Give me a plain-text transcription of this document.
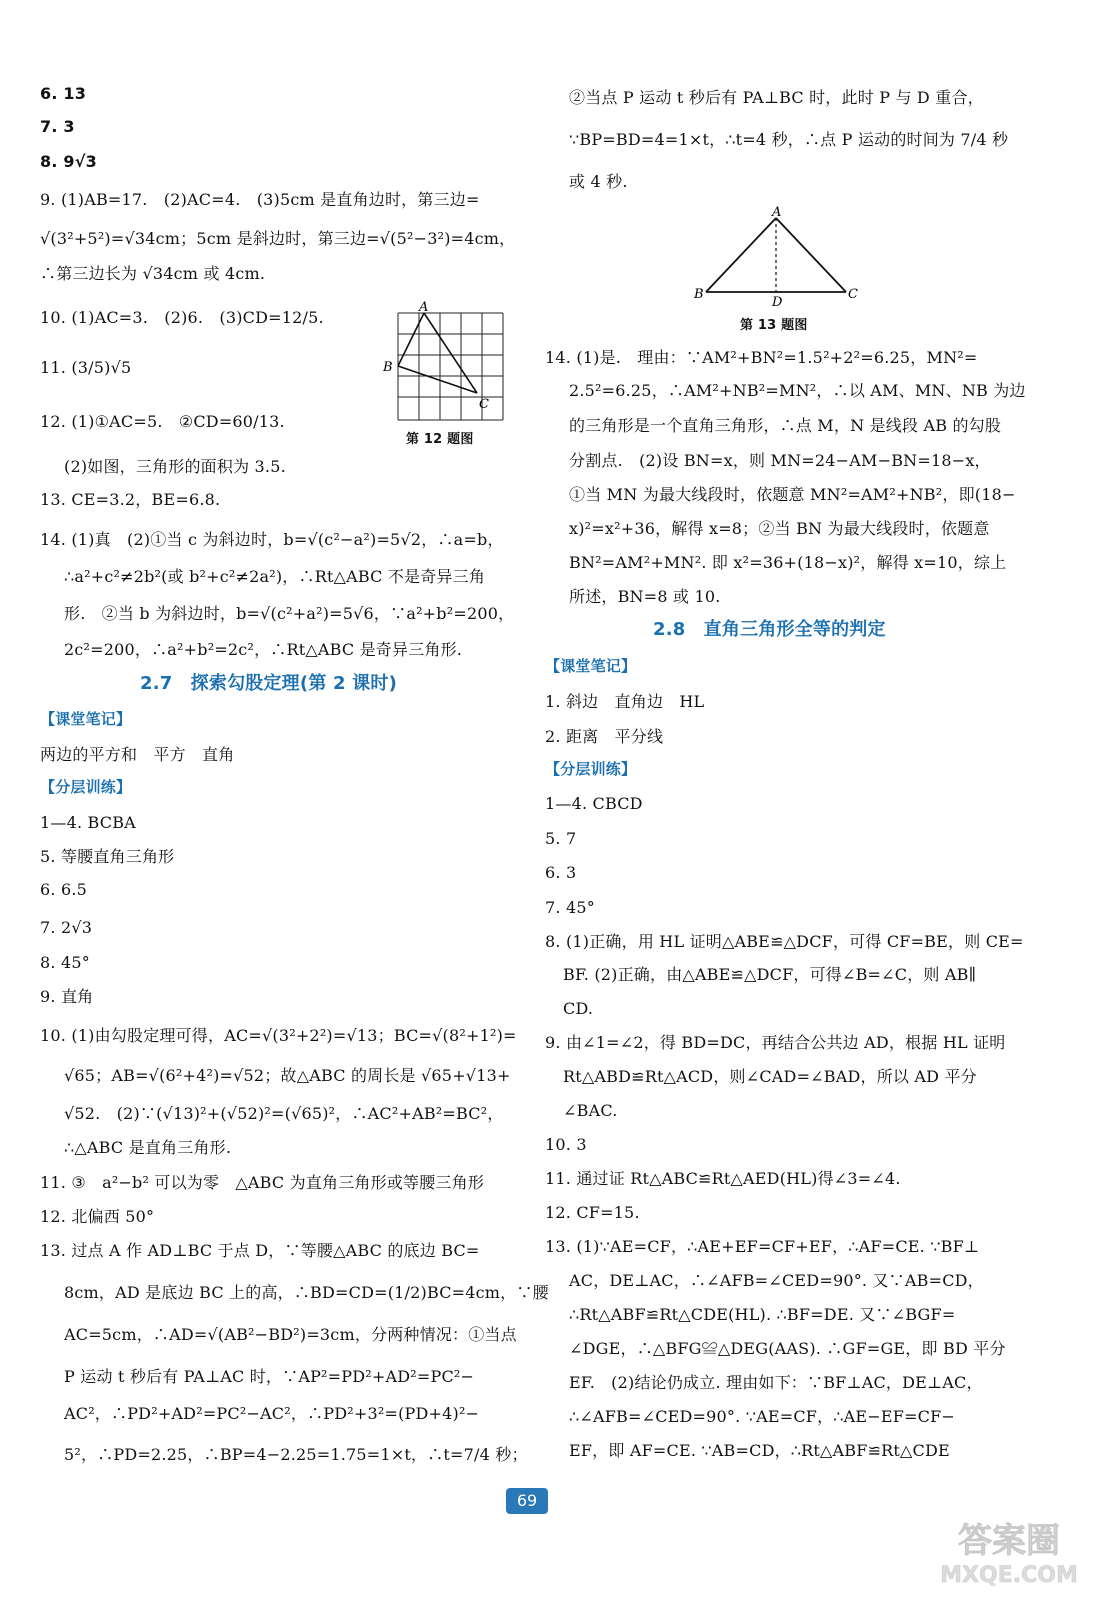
6. 13
7. 3
8. 9√3
9. (1)AB=17.　(2)AC=4.　(3)5cm 是直角边时，第三边=
√(3²+5²)=√34cm；5cm 是斜边时，第三边=√(5²−3²)=4cm，
∴第三边长为 √34cm 或 4cm.
10. (1)AC=3.　(2)6.　(3)CD=12/5.
11. (3/5)√5
12. (1)①AC=5.　②CD=60/13.
(2)如图，三角形的面积为 3.5.
13. CE=3.2，BE=6.8.
14. (1)真　(2)①当 c 为斜边时，b=√(c²−a²)=5√2，∴a=b，
∴a²+c²≠2b²(或 b²+c²≠2a²)，∴Rt△ABC 不是奇异三角
形.　②当 b 为斜边时，b=√(c²+a²)=5√6，∵a²+b²=200，
2c²=200，∴a²+b²=2c²，∴Rt△ABC 是奇异三角形.
2.7　探索勾股定理(第 2 课时)
【课堂笔记】
两边的平方和　平方　直角
【分层训练】
1—4. BCBA
5. 等腰直角三角形
6. 6.5
7. 2√3
8. 45°
9. 直角
10. (1)由勾股定理可得，AC=√(3²+2²)=√13；BC=√(8²+1²)=
√65；AB=√(6²+4²)=√52；故△ABC 的周长是 √65+√13+
√52.　(2)∵(√13)²+(√52)²=(√65)²，∴AC²+AB²=BC²，
∴△ABC 是直角三角形.
11. ③　a²−b² 可以为零　△ABC 为直角三角形或等腰三角形
12. 北偏西 50°
13. 过点 A 作 AD⊥BC 于点 D，∵等腰△ABC 的底边 BC=
8cm，AD 是底边 BC 上的高，∴BD=CD=(1/2)BC=4cm，∵腰
AC=5cm，∴AD=√(AB²−BD²)=3cm，分两种情况：①当点
P 运动 t 秒后有 PA⊥AC 时，∵AP²=PD²+AD²=PC²−
AC²，∴PD²+AD²=PC²−AC²，∴PD²+3²=(PD+4)²−
5²，∴PD=2.25，∴BP=4−2.25=1.75=1×t，∴t=7/4 秒；
A
B
C
第 12 题图
②当点 P 运动 t 秒后有 PA⊥BC 时，此时 P 与 D 重合，
∵BP=BD=4=1×t，∴t=4 秒，∴点 P 运动的时间为 7/4 秒
或 4 秒.
14. (1)是.　理由：∵AM²+BN²=1.5²+2²=6.25，MN²=
2.5²=6.25，∴AM²+NB²=MN²，∴以 AM、MN、NB 为边
的三角形是一个直角三角形，∴点 M，N 是线段 AB 的勾股
分割点.　(2)设 BN=x，则 MN=24−AM−BN=18−x，
①当 MN 为最大线段时，依题意 MN²=AM²+NB²，即(18−
x)²=x²+36，解得 x=8；②当 BN 为最大线段时，依题意
BN²=AM²+MN². 即 x²=36+(18−x)²，解得 x=10，综上
所述，BN=8 或 10.
2.8　直角三角形全等的判定
【课堂笔记】
1. 斜边　直角边　HL
2. 距离　平分线
【分层训练】
1—4. CBCD
5. 7
6. 3
7. 45°
8. (1)正确，用 HL 证明△ABE≌△DCF，可得 CF=BE，则 CE=
BF. (2)正确，由△ABE≌△DCF，可得∠B=∠C，则 AB∥
CD.
9. 由∠1=∠2，得 BD=DC，再结合公共边 AD，根据 HL 证明
Rt△ABD≌Rt△ACD，则∠CAD=∠BAD，所以 AD 平分
∠BAC.
10. 3
11. 通过证 Rt△ABC≌Rt△AED(HL)得∠3=∠4.
12. CF=15.
13. (1)∵AE=CF，∴AE+EF=CF+EF，∴AF=CE. ∵BF⊥
AC，DE⊥AC，∴∠AFB=∠CED=90°. 又∵AB=CD，
∴Rt△ABF≌Rt△CDE(HL). ∴BF=DE. 又∵∠BGF=
∠DGE，∴△BFG≌△DEG(AAS). ∴GF=GE，即 BD 平分
EF.　(2)结论仍成立. 理由如下：∵BF⊥AC，DE⊥AC，
∴∠AFB=∠CED=90°. ∵AE=CF，∴AE−EF=CF−
EF，即 AF=CE. ∵AB=CD，∴Rt△ABF≌Rt△CDE
A
B	C
D
第 13 题图
69
答案圈
MXQE.COM
